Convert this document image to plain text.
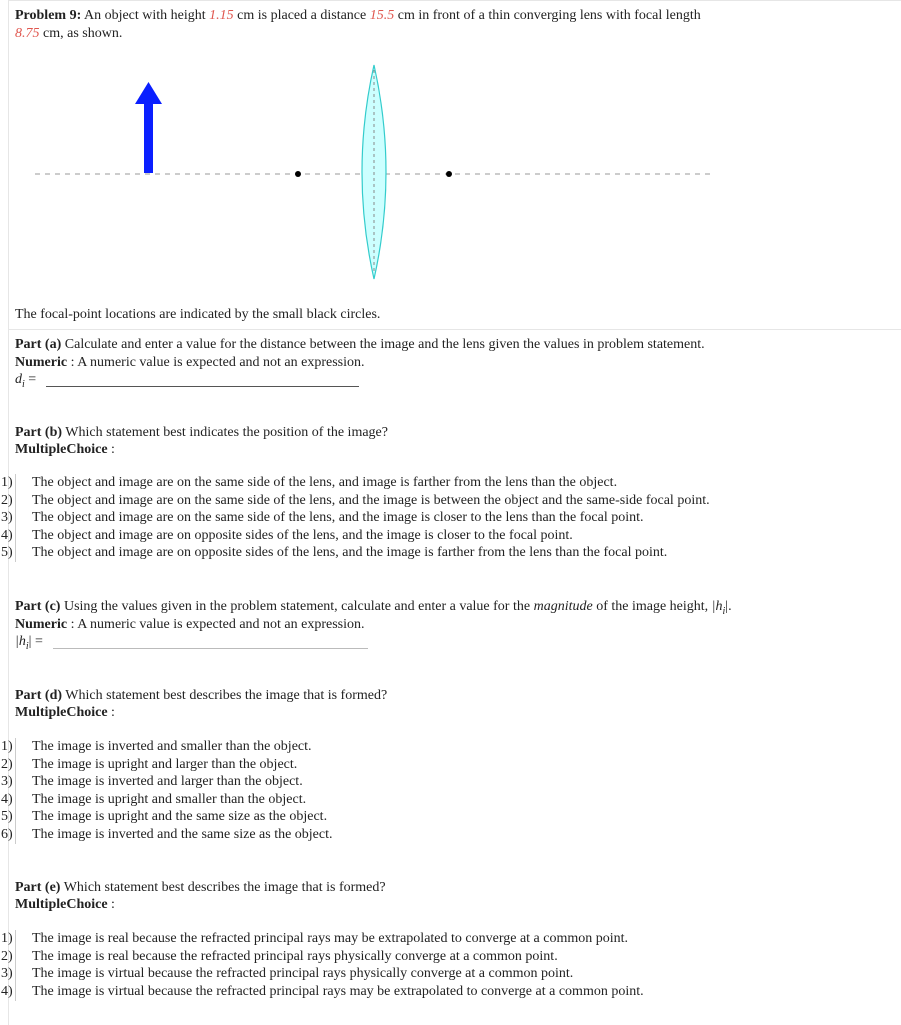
Problem 9: An object with height 1.15 cm is placed a distance 15.5 cm in front of a thin converging lens with focal length
8.75 cm, as shown.
The focal-point locations are indicated by the small black circles.
Part (a) Calculate and enter a value for the distance between the image and the lens given the values in problem statement.
Numeric : A numeric value is expected and not an expression.
$d_i$ =
Part (b) Which statement best indicates the position of the image?
MultipleChoice :
1) The object and image are on the same side of the lens, and image is farther from the lens than the object.
2) The object and image are on the same side of the lens, and the image is between the object and the same-side focal point.
3) The object and image are on the same side of the lens, and the image is closer to the lens than the focal point.
4) The object and image are on opposite sides of the lens, and the image is closer to the focal point.
5) The object and image are on opposite sides of the lens, and the image is farther from the lens than the focal point.
Part (c) Using the values given in the problem statement, calculate and enter a value for the magnitude of the image height, $|h_i|$.
Numeric : A numeric value is expected and not an expression.
$|h_i|$ =
Part (d) Which statement best describes the image that is formed?
MultipleChoice :
1) The image is inverted and smaller than the object.
2) The image is upright and larger than the object.
3) The image is inverted and larger than the object.
4) The image is upright and smaller than the object.
5) The image is upright and the same size as the object.
6) The image is inverted and the same size as the object.
Part (e) Which statement best describes the image that is formed?
MultipleChoice :
1) The image is real because the refracted principal rays may be extrapolated to converge at a common point.
2) The image is real because the refracted principal rays physically converge at a common point.
3) The image is virtual because the refracted principal rays physically converge at a common point.
4) The image is virtual because the refracted principal rays may be extrapolated to converge at a common point.
